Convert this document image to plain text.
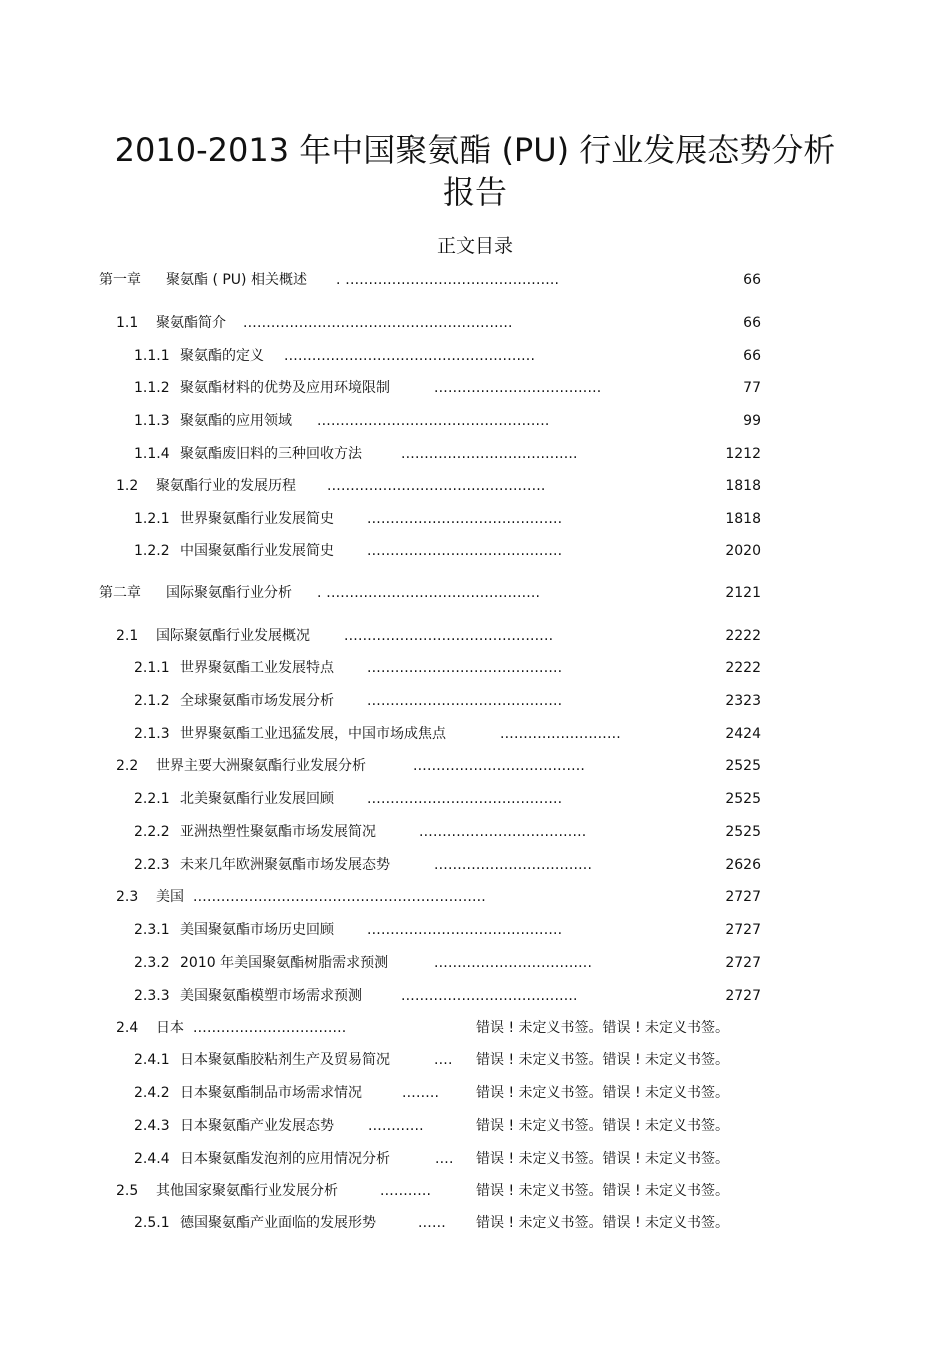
2010-2013 年中国聚氨酯 (PU) 行业发展态势分析
报告
正文目录
第一章 聚氨酯 ( PU) 相关概述 . ..............................................	66
1.1 聚氨酯简介 ..........................................................	66
1.1.1 聚氨酯的定义 ......................................................	66
1.1.2 聚氨酯材料的优势及应用环境限制	....................................	77
1.1.3 聚氨酯的应用领域 ..................................................	99
1.1.4 聚氨酯废旧料的三种回收方法	......................................	1212
1.2 聚氨酯行业的发展历程 ...............................................	1818
1.2.1 世界聚氨酯行业发展简史 ..........................................	1818
1.2.2 中国聚氨酯行业发展简史 ..........................................	2020
第二章 国际聚氨酯行业分析 . ..............................................	2121
2.1 国际聚氨酯行业发展概况 .............................................	2222
2.1.1 世界聚氨酯工业发展特点 ..........................................	2222
2.1.2 全球聚氨酯市场发展分析 ..........................................	2323
2.1.3 世界聚氨酯工业迅猛发展，中国市场成焦点	..........................	2424
2.2 世界主要大洲聚氨酯行业发展分析	.....................................	2525
2.2.1 北美聚氨酯行业发展回顾 ..........................................	2525
2.2.2 亚洲热塑性聚氨酯市场发展简况	....................................	2525
2.2.3 未来几年欧洲聚氨酯市场发展态势	..................................	2626
2.3 美国 ...............................................................	2727
2.3.1 美国聚氨酯市场历史回顾 ..........................................	2727
2.3.2 2010 年美国聚氨酯树脂需求预测	..................................	2727
2.3.3 美国聚氨酯模塑市场需求预测	......................................	2727
2.4 日本 .................................	错误 ! 未定义书签。错误 ! 未定义书签。
2.4.1 日本聚氨酯胶粘剂生产及贸易简况	.... 错误 ! 未定义书签。错误 ! 未定义书签。
2.4.2 日本聚氨酯制品市场需求情况	........	错误 ! 未定义书签。错误 ! 未定义书签。
2.4.3 日本聚氨酯产业发展态势 ............	错误 ! 未定义书签。错误 ! 未定义书签。
2.4.4 日本聚氨酯发泡剂的应用情况分析	.... 错误 ! 未定义书签。错误 ! 未定义书签。
2.5 其他国家聚氨酯行业发展分析	...........	错误 ! 未定义书签。错误 ! 未定义书签。
2.5.1 德国聚氨酯产业面临的发展形势	...... 错误 ! 未定义书签。错误 ! 未定义书签。
